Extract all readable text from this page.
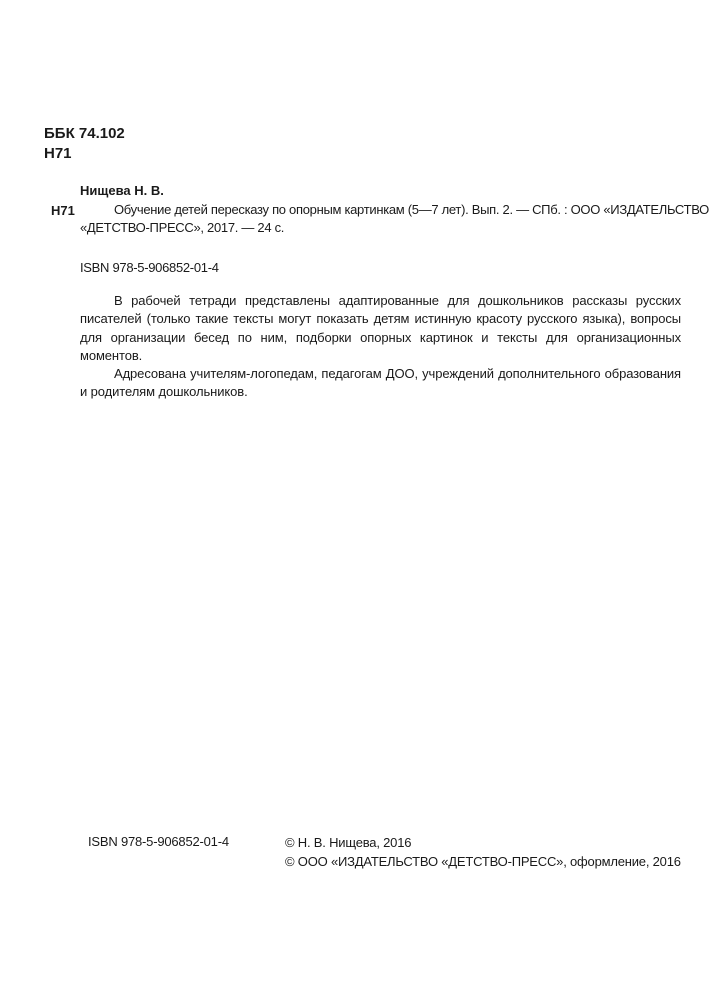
ББК 74.102
Н71
Нищева Н. В.
Н71	Обучение детей пересказу по опорным картинкам (5—7 лет). Вып. 2. — СПб. : ООО «ИЗДАТЕЛЬСТВО
«ДЕТСТВО-ПРЕСС», 2017. — 24 с.
ISBN 978-5-906852-01-4

В рабочей тетради представлены адаптированные для дошкольников рассказы русских писателей (только такие тексты могут показать детям истинную красоту русского языка), вопросы для организации бесед по ним, подборки опорных картинок и тексты для организационных моментов.

Адресована учителям-логопедам, педагогам ДОО, учреждений дополнительного образования и родителям дошкольников.

ISBN 978-5-906852-01-4	© Н. В. Нищева, 2016
© ООО «ИЗДАТЕЛЬСТВО «ДЕТСТВО-ПРЕСС», оформление, 2016
